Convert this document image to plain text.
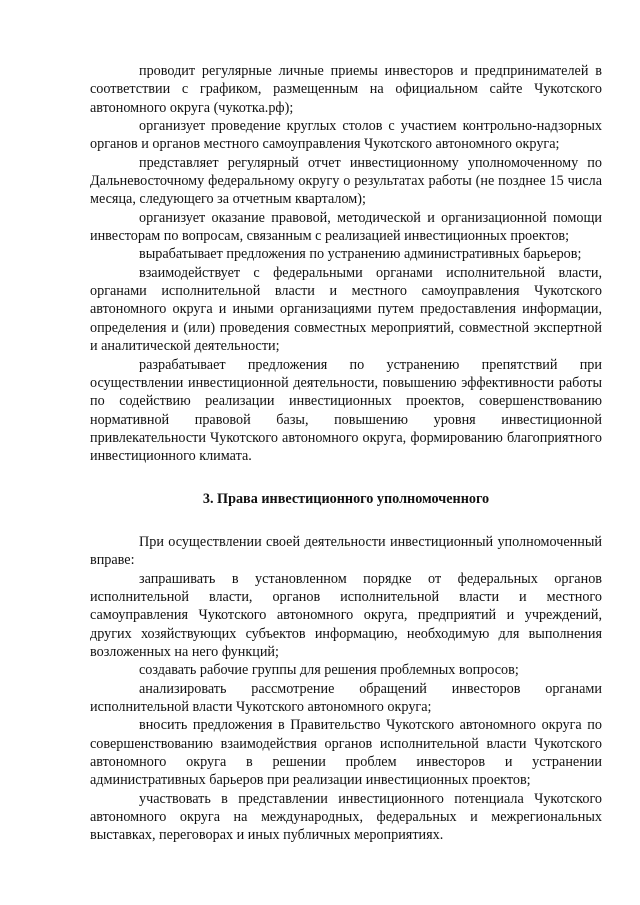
проводит регулярные личные приемы инвесторов и предпринимателей в соответствии с графиком, размещенным на официальном сайте Чукотского автономного округа (чукотка.рф);

организует проведение круглых столов с участием контрольно-надзорных органов и органов местного самоуправления Чукотского автономного округа;

представляет регулярный отчет инвестиционному уполномоченному по Дальневосточному федеральному округу о результатах работы (не позднее 15 числа месяца, следующего за отчетным кварталом);

организует оказание правовой, методической и организационной помощи инвесторам по вопросам, связанным с реализацией инвестиционных проектов;

вырабатывает предложения по устранению административных барьеров;

взаимодействует с федеральными органами исполнительной власти, органами исполнительной власти и местного самоуправления Чукотского автономного округа и иными организациями путем предоставления информации, определения и (или) проведения совместных мероприятий, совместной экспертной и аналитической деятельности;

разрабатывает предложения по устранению препятствий при осуществлении инвестиционной деятельности, повышению эффективности работы по содействию реализации инвестиционных проектов, совершенствованию нормативной правовой базы, повышению уровня инвестиционной привлекательности Чукотского автономного округа, формированию благоприятного инвестиционного климата.

3. Права инвестиционного уполномоченного

При осуществлении своей деятельности инвестиционный уполномоченный вправе:

запрашивать в установленном порядке от федеральных органов исполнительной власти, органов исполнительной власти и местного самоуправления Чукотского автономного округа, предприятий и учреждений, других хозяйствующих субъектов информацию, необходимую для выполнения возложенных на него функций;

создавать рабочие группы для решения проблемных вопросов;

анализировать рассмотрение обращений инвесторов органами исполнительной власти Чукотского автономного округа;

вносить предложения в Правительство Чукотского автономного округа по совершенствованию взаимодействия органов исполнительной власти Чукотского автономного округа в решении проблем инвесторов и устранении административных барьеров при реализации инвестиционных проектов;

участвовать в представлении инвестиционного потенциала Чукотского автономного округа на международных, федеральных и межрегиональных выставках, переговорах и иных публичных мероприятиях.
